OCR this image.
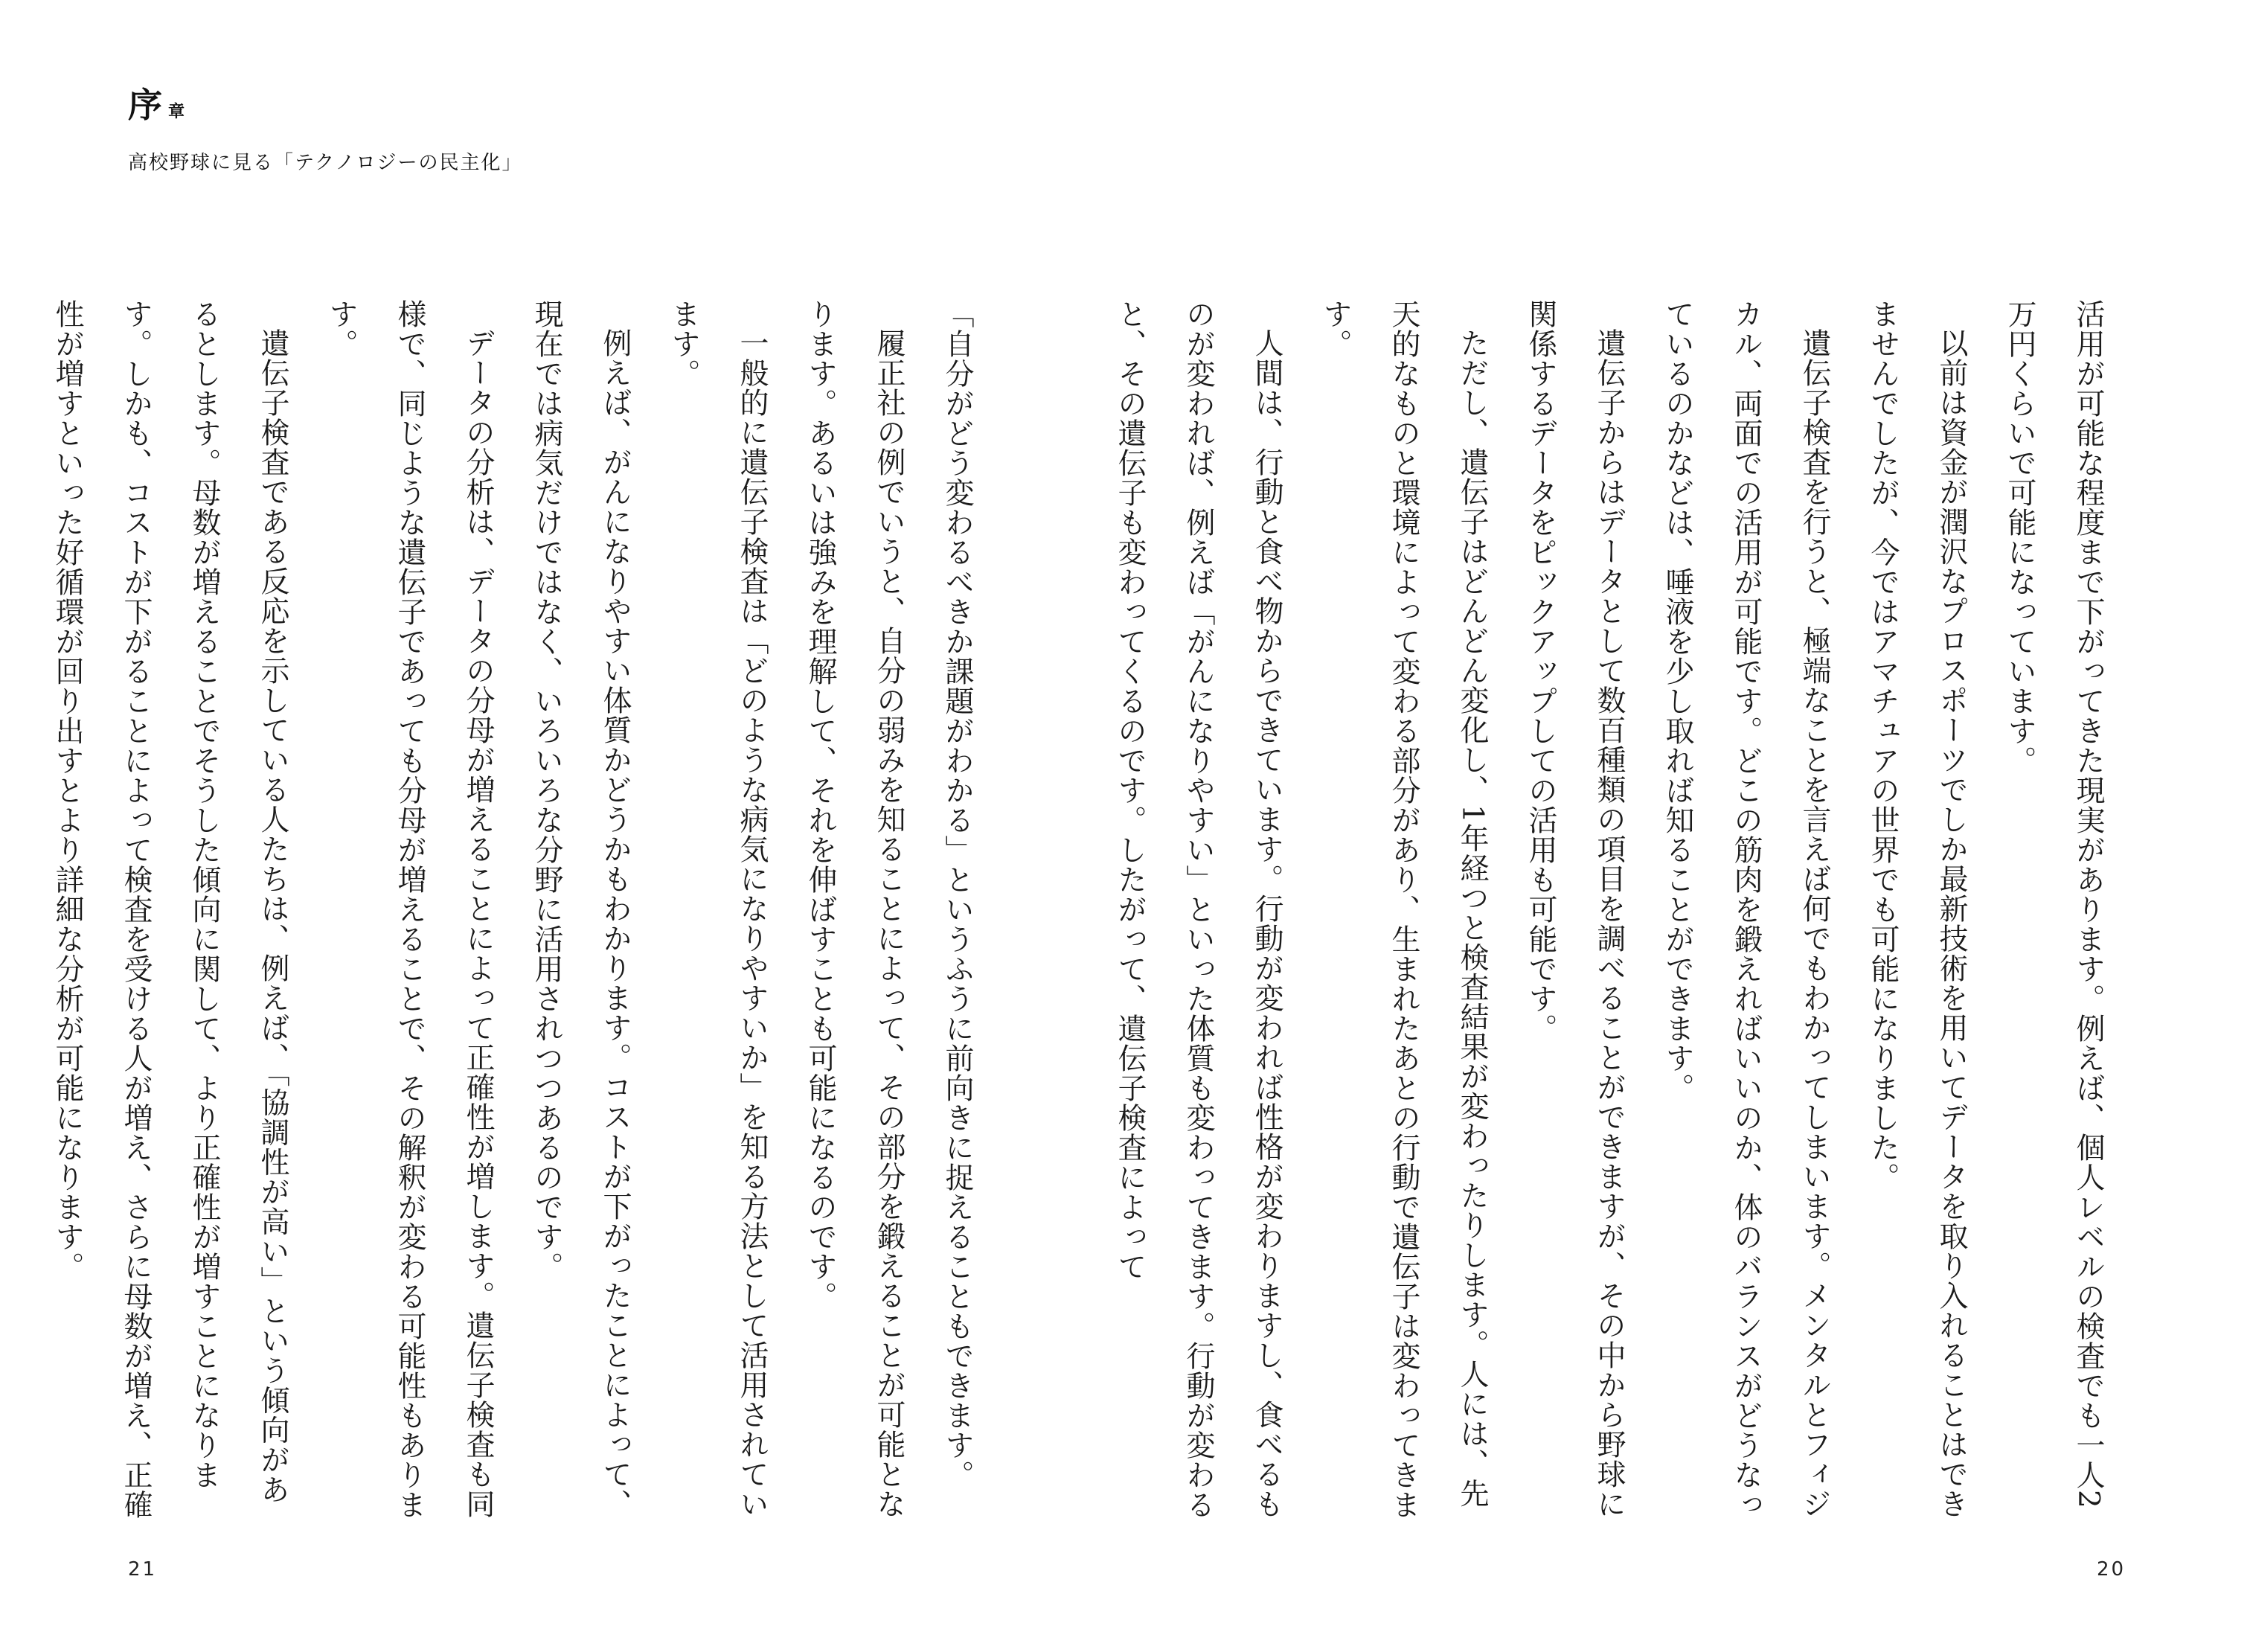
序章
高校野球に見る「テクノロジーの民主化」

活用が可能な程度まで下がってきた現実があります。例えば、個人レベルの検査でも一人2万円くらいで可能になっています。

以前は資金が潤沢なプロスポーツでしか最新技術を用いてデータを取り入れることはできませんでしたが、今ではアマチュアの世界でも可能になりました。

遺伝子検査を行うと、極端なことを言えば何でもわかってしまいます。メンタルとフィジカル、両面での活用が可能です。どこの筋肉を鍛えればいいのか、体のバランスがどうなっているのかなどは、唾液を少し取れば知ることができます。

遺伝子からはデータとして数百種類の項目を調べることができますが、その中から野球に関係するデータをピックアップしての活用も可能です。

ただし、遺伝子はどんどん変化し、1年経つと検査結果が変わったりします。人には、先天的なものと環境によって変わる部分があり、生まれたあとの行動で遺伝子は変わってきます。

人間は、行動と食べ物からできています。行動が変われば性格が変わりますし、食べるものが変われば、例えば「がんになりやすい」といった体質も変わってきます。行動が変わると、その遺伝子も変わってくるのです。したがって、遺伝子検査によって

「自分がどう変わるべきか課題がわかる」というふうに前向きに捉えることもできます。

履正社の例でいうと、自分の弱みを知ることによって、その部分を鍛えることが可能となります。あるいは強みを理解して、それを伸ばすことも可能になるのです。

一般的に遺伝子検査は「どのような病気になりやすいか」を知る方法として活用されています。

例えば、がんになりやすい体質かどうかもわかります。コストが下がったことによって、現在では病気だけではなく、いろいろな分野に活用されつつあるのです。

データの分析は、データの分母が増えることによって正確性が増します。遺伝子検査も同様で、同じような遺伝子であっても分母が増えることで、その解釈が変わる可能性もあります。

遺伝子検査である反応を示している人たちは、例えば、「協調性が高い」という傾向があるとします。母数が増えることでそうした傾向に関して、より正確性が増すことになります。しかも、コストが下がることによって検査を受ける人が増え、さらに母数が増え、正確性が増すといった好循環が回り出すとより詳細な分析が可能になります。

21	20
